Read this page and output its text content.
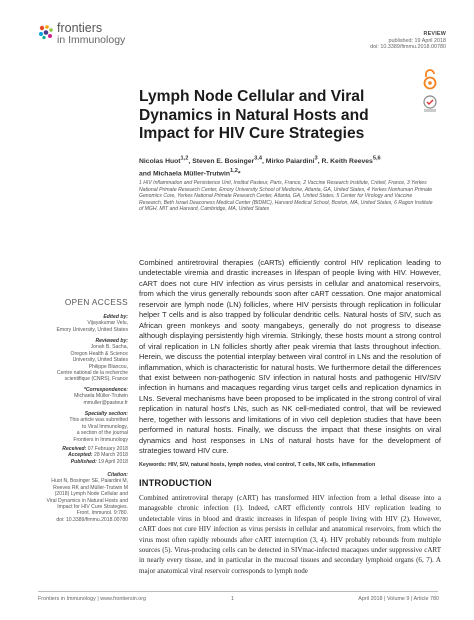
frontiers
in Immunology	REVIEW
published: 19 April 2018
doi: 10.3389/fimmu.2018.00780
Lymph Node Cellular and Viral Dynamics in Natural Hosts and Impact for HIV Cure Strategies
Nicolas Huot$^{1,2}$, Steven E. Bosinger$^{3,4}$, Mirko Paiardini$^3$, R. Keith Reeves$^{5,6}$
and Michaela Müller-Trutwin$^{1,2}$*
1 HIV Inflammation and Persistence Unit, Institut Pasteur, Paris, France, 2 Vaccine Research Institute, Créteil, France, 3 Yerkes National Primate Research Center, Emory University School of Medicine, Atlanta, GA, United States, 4 Yerkes Nonhuman Primate Genomics Core, Yerkes National Primate Research Center, Atlanta, GA, United States, 5 Center for Virology and Vaccine Research, Beth Israel Deaconess Medical Center (BIDMC), Harvard Medical School, Boston, MA, United States, 6 Ragon Institute of MGH, MIT and Harvard, Cambridge, MA, United States
OPEN ACCESS
Edited by:
Vijayakumar Velu,
Emory University, United States
Reviewed by:
Jonah B. Sacha,
Oregon Health & Science
University, United States
Philippe Blancou,
Centre national de la recherche
scientifique (CNRS), France
*Correspondence:
Michaela Müller-Trutwin
mmuller@pasteur.fr
Specialty section:
This article was submitted
to Viral Immunology,
a section of the journal
Frontiers in Immunology
Received: 07 February 2018
Accepted: 28 March 2018
Published: 19 April 2018
Citation:
Huot N, Bosinger SE, Paiardini M,
Reeves RK and Müller-Trutwin M
(2018) Lymph Node Cellular and
Viral Dynamics in Natural Hosts and
Impact for HIV Cure Strategies.
Front. Immunol. 9:780.
doi: 10.3389/fimmu.2018.00780
Combined antiretroviral therapies (cARTs) efficiently control HIV replication leading to undetectable viremia and drastic increases in lifespan of people living with HIV. However, cART does not cure HIV infection as virus persists in cellular and anatomical reservoirs, from which the virus generally rebounds soon after cART cessation. One major anatomical reservoir are lymph node (LN) follicles, where HIV persists through replication in follicular helper T cells and is also trapped by follicular dendritic cells. Natural hosts of SIV, such as African green monkeys and sooty mangabeys, generally do not progress to disease although displaying persistently high viremia. Strikingly, these hosts mount a strong control of viral replication in LN follicles shortly after peak viremia that lasts throughout infection. Herein, we discuss the potential interplay between viral control in LNs and the resolution of inflammation, which is characteristic for natural hosts. We furthermore detail the differences that exist between non-pathogenic SIV infection in natural hosts and pathogenic HIV/SIV infection in humans and macaques regarding virus target cells and replication dynamics in LNs. Several mechanisms have been proposed to be implicated in the strong control of viral replication in natural host's LNs, such as NK cell-mediated control, that will be reviewed here, together with lessons and limitations of in vivo cell depletion studies that have been performed in natural hosts. Finally, we discuss the impact that these insights on viral dynamics and host responses in LNs of natural hosts have for the development of strategies toward HIV cure.
Keywords: HIV, SIV, natural hosts, lymph nodes, viral control, T cells, NK cells, inflammation
INTRODUCTION
Combined antiretroviral therapy (cART) has transformed HIV infection from a lethal disease into a manageable chronic infection (1). Indeed, cART efficiently controls HIV replication leading to undetectable virus in blood and drastic increases in lifespan of people living with HIV (2). However, cART does not cure HIV infection as virus persists in cellular and anatomical reservoirs, from which the virus most often rapidly rebounds after cART interruption (3, 4). HIV probably rebounds from multiple sources (5). Virus-producing cells can be detected in SIVmac-infected macaques under suppressive cART in nearly every tissue, and in particular in the mucosal tissues and secondary lymphoid organs (6, 7). A major anatomical viral reservoir corresponds to lymph node
Frontiers in Immunology | www.frontiersin.org	1	April 2018 | Volume 9 | Article 780
